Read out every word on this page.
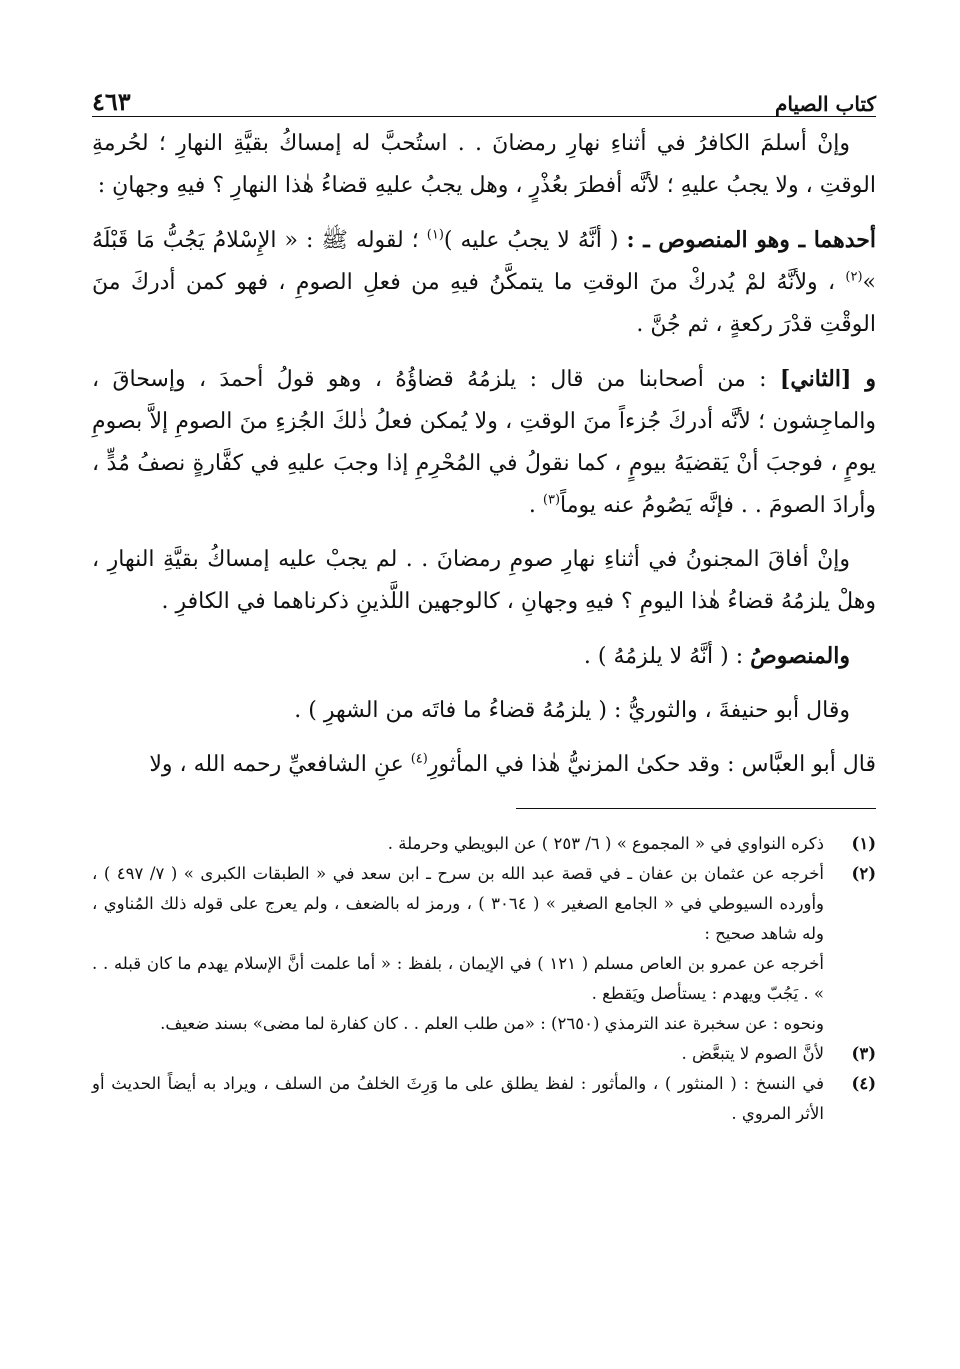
كتاب الصيام
٤٦٣

وإنْ أسلمَ الكافرُ في أثناءِ نهارِ رمضانَ . . استُحبَّ له إمساكُ بقيَّةِ النهارِ ؛ لحُرمةِ الوقتِ ، ولا يجبُ عليهِ ؛ لأنَّه أفطرَ بعُذْرٍ ، وهل يجبُ عليهِ قضاءُ هٰذا النهارِ ؟ فيهِ وجهانِ :

أحدهما ـ وهو المنصوص ـ : ( أنَّهُ لا يجبُ عليه )$^{(١)}$ ؛ لقوله ﷺ : « الإِسْلامُ يَجُبُّ مَا قَبْلَهُ »$^{(٢)}$ ، ولأنَّهُ لمْ يُدركْ منَ الوقتِ ما يتمكَّنُ فيهِ من فعلِ الصومِ ، فهو كمن أدركَ منَ الوقْتِ قدْرَ ركعةٍ ، ثم جُنَّ .

و [الثاني] : من أصحابنا من قال : يلزمُهُ قضاؤُهُ ، وهو قولُ أحمدَ ، وإسحاقَ ، والماجِشون ؛ لأنَّه أدركَ جُزءاً منَ الوقتِ ، ولا يُمكن فعلُ ذٰلكَ الجُزءِ منَ الصومِ إلاَّ بصومِ يومٍ ، فوجبَ أنْ يَقضيَهُ بيومٍ ، كما نقولُ في المُحْرِمِ إذا وجبَ عليهِ في كفَّارةٍ نصفُ مُدٍّ ، وأرادَ الصومَ . . فإنَّه يَصُومُ عنه يوماً$^{(٣)}$ .

وإنْ أفاقَ المجنونُ في أثناءِ نهارِ صومِ رمضانَ . . لم يجبْ عليه إمساكُ بقيَّةِ النهارِ ، وهلْ يلزمُهُ قضاءُ هٰذا اليومِ ؟ فيهِ وجهانِ ، كالوجهين اللَّذينِ ذكرناهما في الكافرِ .

والمنصوصُ : ( أنَّهُ لا يلزمُهُ ) .

وقال أبو حنيفةَ ، والثوريُّ : ( يلزمُهُ قضاءُ ما فاتَه من الشهرِ ) .

قال أبو العبَّاس : وقد حكىٰ المزنيُّ هٰذا في المأثورِ$^{(٤)}$ عنِ الشافعيِّ رحمه الله ، ولا

(١)
ذكره النواوي في « المجموع » ( ٦/ ٢٥٣ ) عن البويطي وحرملة .
(٢)
أخرجه عن عثمان بن عفان ـ في قصة عبد الله بن سرح ـ ابن سعد في « الطبقات الكبرى » ( ٧/ ٤٩٧ ) ، وأورده السيوطي في « الجامع الصغير » ( ٣٠٦٤ ) ، ورمز له بالضعف ، ولم يعرج على قوله ذلك المُناوي ، وله شاهد صحيح :
أخرجه عن عمرو بن العاص مسلم ( ١٢١ ) في الإيمان ، بلفظ : « أما علمت أنَّ الإسلام يهدم ما كان قبله . . » . يَجُبّ ويهدم : يستأصل ويَقطع .
ونحوه : عن سخبرة عند الترمذي (٢٦٥٠) : «من طلب العلم . . كان كفارة لما مضى» بسند ضعيف.
(٣)
لأنَّ الصوم لا يتبعَّض .
(٤)
في النسخ : ( المنثور ) ، والمأثور : لفظ يطلق على ما وَرِثَ الخلفُ من السلف ، ويراد به أيضاً الحديث أو الأثر المروي .
